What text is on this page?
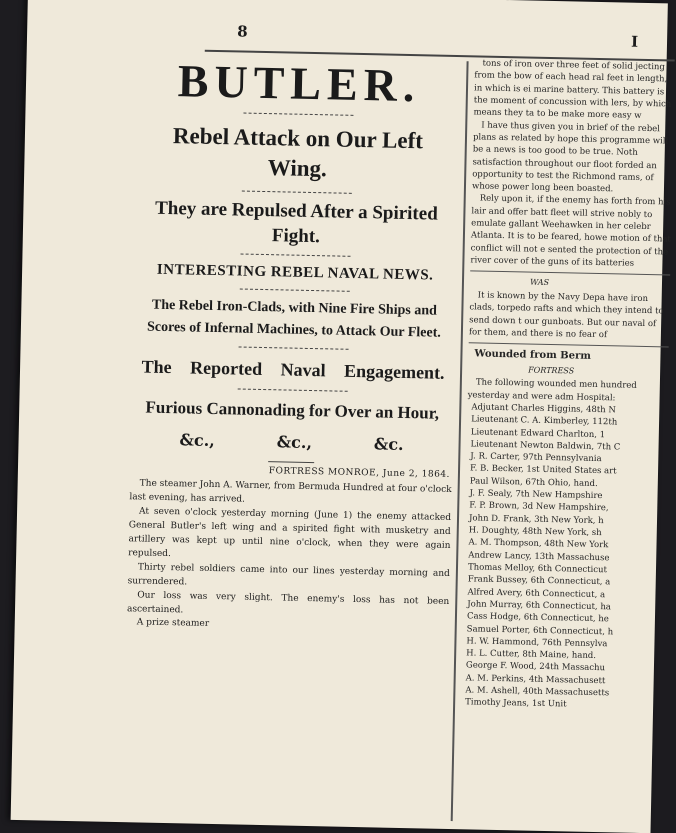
8
I
BUTLER.
Rebel Attack on Our Left Wing.
They are Repulsed After a Spirited Fight.
INTERESTING REBEL NAVAL NEWS.
The Rebel Iron-Clads, with Nine Fire Ships and Scores of Infernal Machines, to Attack Our Fleet.
The Reported Naval Engagement.
Furious Cannonading for Over an Hour,
&c.,	&c.,	&c.
FORTRESS MONROE, June 2, 1864.

The steamer John A. Warner, from Bermuda Hundred at four o'clock last evening, has arrived.

At seven o'clock yesterday morning (June 1) the enemy attacked General Butler's left wing and a spirited fight with musketry and artillery was kept up until nine o'clock, when they were again repulsed.

Thirty rebel soldiers came into our lines yesterday morning and surrendered.

Our loss was very slight. The enemy's loss has not been ascertained.

A prize steamer

tons of iron over three feet of solid jecting from the bow of each head ral feet in length, in which is ei marine battery. This battery is the moment of concussion with lers, by which means they ta to be make more easy w

I have thus given you in brief of the rebel plans as related by hope this programme will be a news is too good to be true. Noth satisfaction throughout our floot forded an opportunity to test the Richmond rams, of whose power long been boasted.

Rely upon it, if the enemy has forth from his lair and offer batt fleet will strive nobly to emulate gallant Weehawken in her celebr Atlanta. It is to be feared, howe motion of that conflict will not e sented the protection of the river cover of the guns of its batteries

WAS

It is known by the Navy Depa have iron clads, torpedo rafts and which they intend to send down t our gunboats. But our naval of for them, and there is no fear of

Wounded from Berm
FORTRESS

The following wounded men hundred yesterday and were adm Hospital:

Adjutant Charles Higgins, 48th N
Lieutenant C. A. Kimberley, 112th
Lieutenant Edward Charlton, 1
Lieutenant Newton Baldwin, 7th C
J. R. Carter, 97th Pennsylvania
F. B. Becker, 1st United States art
Paul Wilson, 67th Ohio, hand.
J. F. Sealy, 7th New Hampshire
F. P. Brown, 3d New Hampshire,
John D. Frank, 3th New York, h
H. Doughty, 48th New York, sh
A. M. Thompson, 48th New York
Andrew Lancy, 13th Massachuse
Thomas Melloy, 6th Connecticut
Frank Bussey, 6th Connecticut, a
Alfred Avery, 6th Connecticut, a
John Murray, 6th Connecticut, ha
Cass Hodge, 6th Connecticut, he
Samuel Porter, 6th Connecticut, h
H. W. Hammond, 76th Pennsylva
H. L. Cutter, 8th Maine, hand.
George F. Wood, 24th Massachu
A. M. Perkins, 4th Massachusett
A. M. Ashell, 40th Massachusetts
Timothy Jeans, 1st Unit
